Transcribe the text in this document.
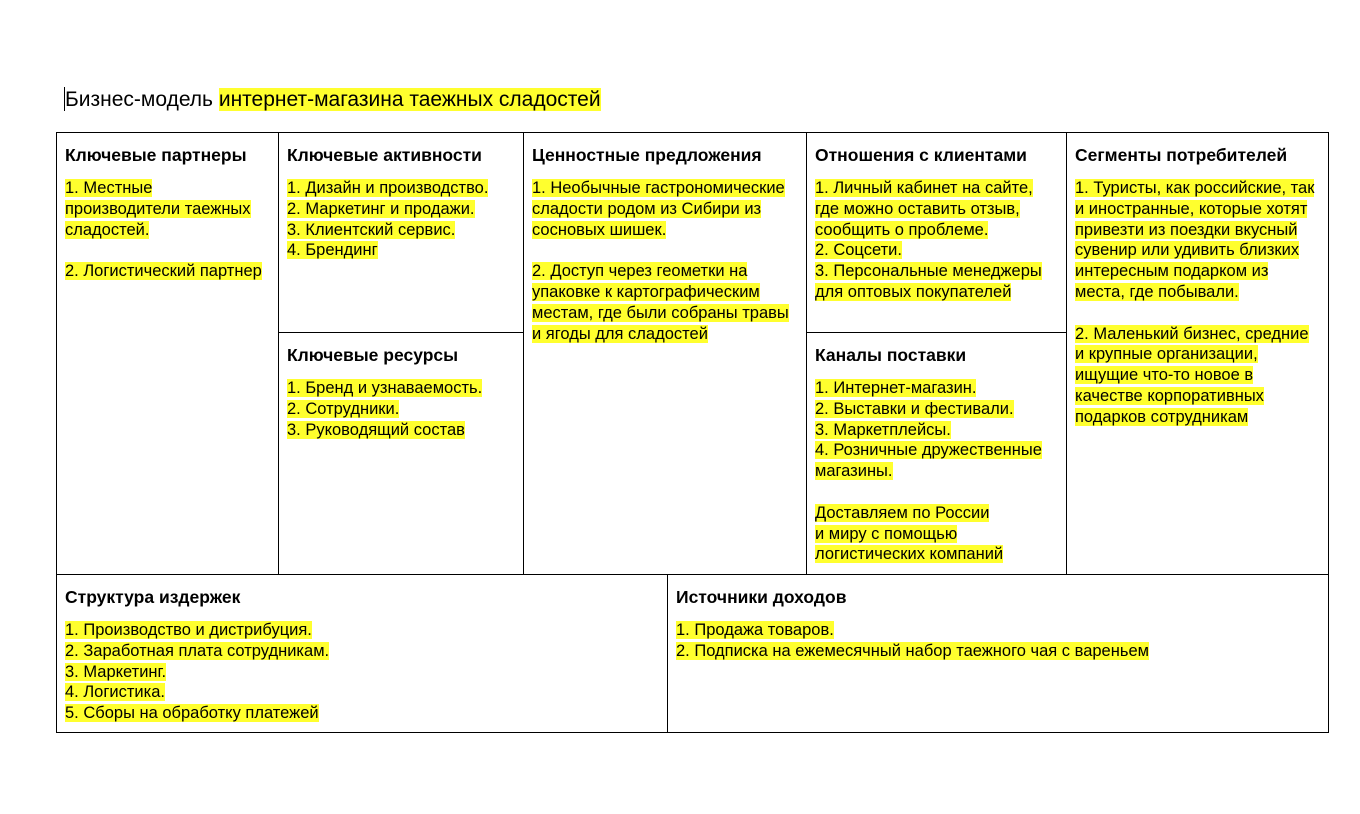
Бизнес-модель интернет-магазина таежных сладостей
Ключевые партнеры
1. Местные производители таежных сладостей.
2. Логистический партнер
Ключевые активности
1. Дизайн и производство.
2. Маркетинг и продажи.
3. Клиентский сервис.
4. Брендинг
Ключевые ресурсы
1. Бренд и узнаваемость.
2. Сотрудники.
3. Руководящий состав
Ценностные предложения
1. Необычные гастрономические сладости родом из Сибири из сосновых шишек.
2. Доступ через геометки на упаковке к картографическим местам, где были собраны травы и ягоды для сладостей
Отношения с клиентами
1. Личный кабинет на сайте, где можно оставить отзыв, сообщить о проблеме.
2. Соцсети.
3. Персональные менеджеры для оптовых покупателей
Каналы поставки
1. Интернет-магазин.
2. Выставки и фестивали.
3. Маркетплейсы.
4. Розничные дружественные магазины.
Доставляем по России
и миру с помощью логистических компаний
Сегменты потребителей
1. Туристы, как российские, так и иностранные, которые хотят привезти из поездки вкусный сувенир или удивить близких интересным подарком из места, где побывали.
2. Маленький бизнес, средние и крупные организации, ищущие что-то новое в качестве корпоративных подарков сотрудникам
Структура издержек
1. Производство и дистрибуция.
2. Заработная плата сотрудникам.
3. Маркетинг.
4. Логистика.
5. Сборы на обработку платежей
Источники доходов
1. Продажа товаров.
2. Подписка на ежемесячный набор таежного чая с вареньем
